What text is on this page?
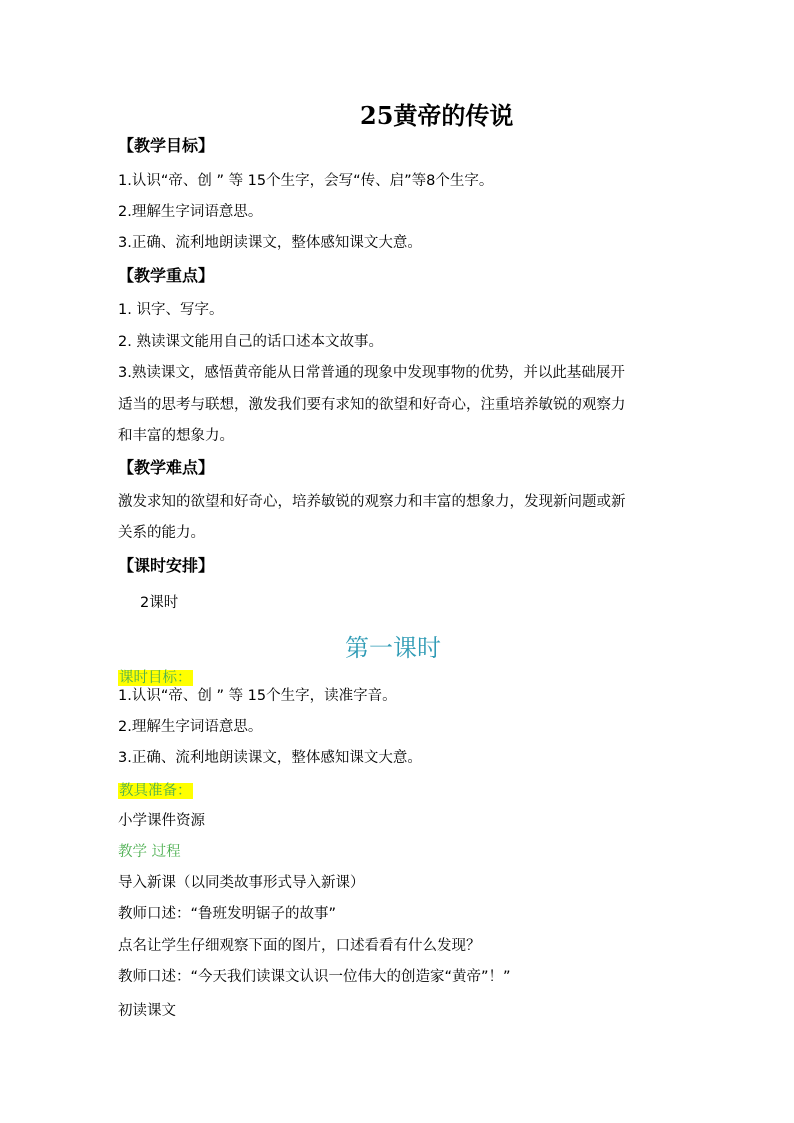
25黄帝的传说
【教学目标】
1.认识“帝、创 ” 等 15个生字，会写“传、启”等8个生字。
2.理解生字词语意思。
3.正确、流利地朗读课文，整体感知课文大意。
【教学重点】
1. 识字、写字。
2. 熟读课文能用自己的话口述本文故事。
3.熟读课文，感悟黄帝能从日常普通的现象中发现事物的优势，并以此基础展开
适当的思考与联想，激发我们要有求知的欲望和好奇心，注重培养敏锐的观察力
和丰富的想象力。
【教学难点】
激发求知的欲望和好奇心，培养敏锐的观察力和丰富的想象力，发现新问题或新
关系的能力。
【课时安排】
2课时
第一课时
课时目标：
1.认识“帝、创 ” 等 15个生字，读准字音。
2.理解生字词语意思。
3.正确、流利地朗读课文，整体感知课文大意。
教具准备：
小学课件资源
教学 过程
导入新课（以同类故事形式导入新课）
教师口述：“鲁班发明锯子的故事”
点名让学生仔细观察下面的图片，口述看看有什么发现？
教师口述：“今天我们读课文认识一位伟大的创造家“黄帝”！”
初读课文
